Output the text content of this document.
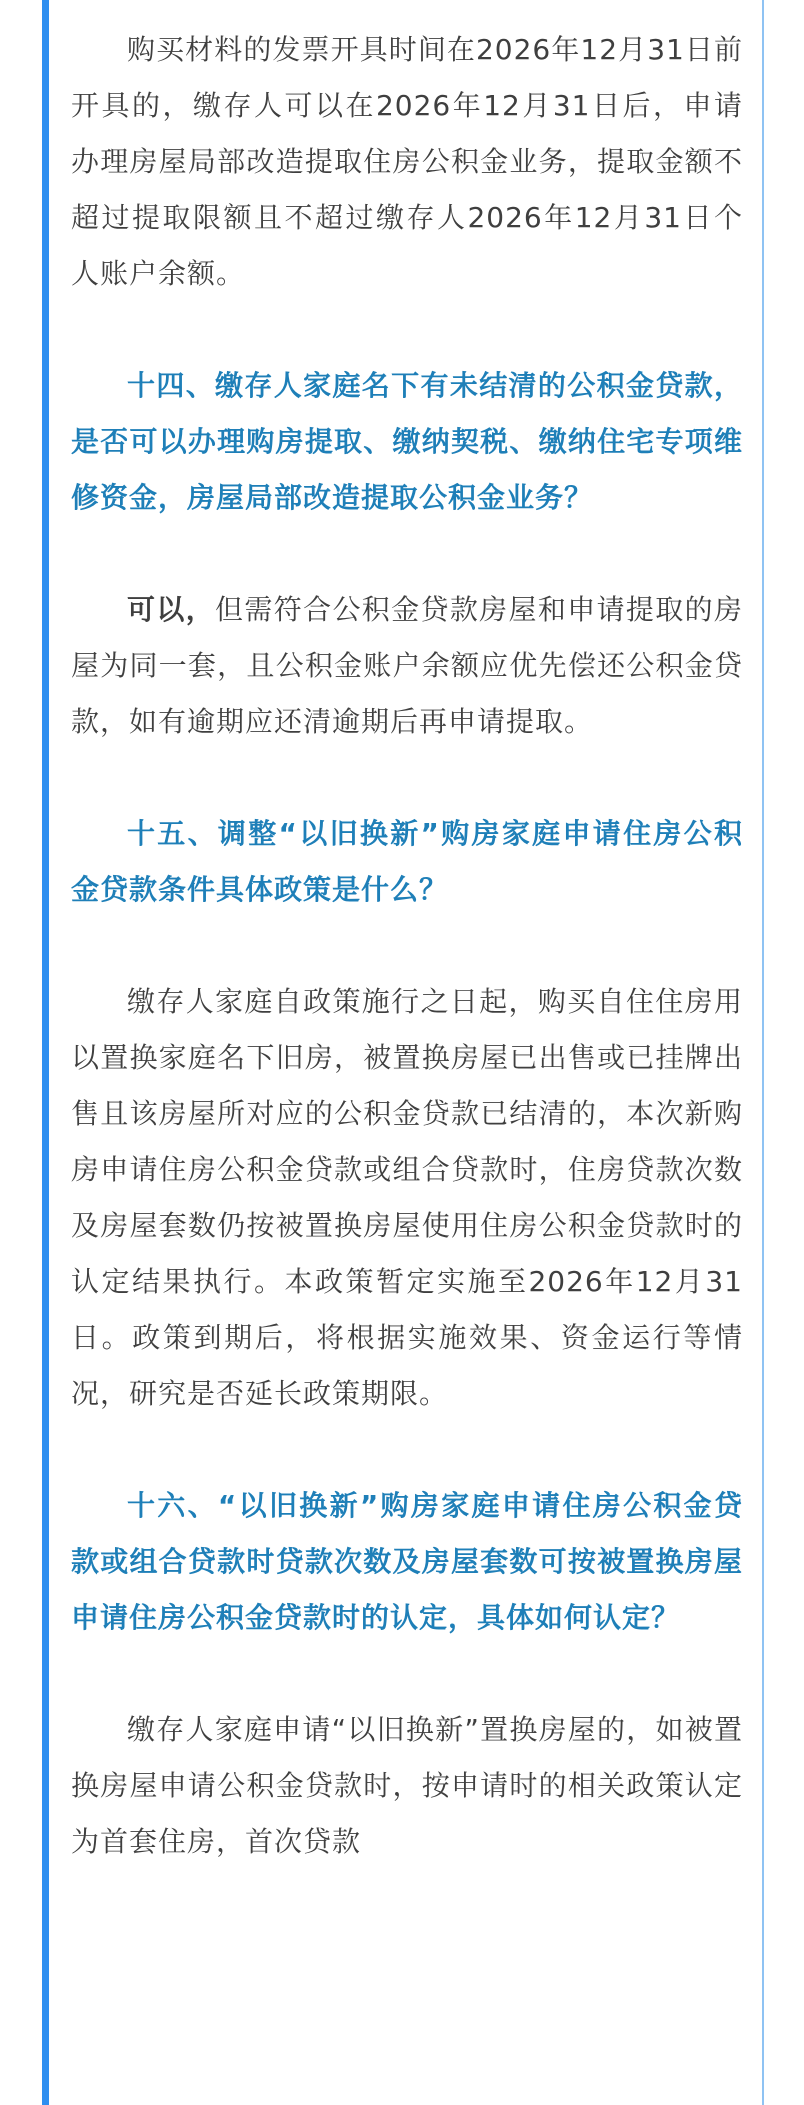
购买材料的发票开具时间在2026年12月31日前开具的，缴存人可以在2026年12月31日后，申请办理房屋局部改造提取住房公积金业务，提取金额不超过提取限额且不超过缴存人2026年12月31日个人账户余额。

十四、缴存人家庭名下有未结清的公积金贷款，是否可以办理购房提取、缴纳契税、缴纳住宅专项维修资金，房屋局部改造提取公积金业务？

可以，但需符合公积金贷款房屋和申请提取的房屋为同一套，且公积金账户余额应优先偿还公积金贷款，如有逾期应还清逾期后再申请提取。

十五、调整“以旧换新”购房家庭申请住房公积金贷款条件具体政策是什么？

缴存人家庭自政策施行之日起，购买自住住房用以置换家庭名下旧房，被置换房屋已出售或已挂牌出售且该房屋所对应的公积金贷款已结清的，本次新购房申请住房公积金贷款或组合贷款时，住房贷款次数及房屋套数仍按被置换房屋使用住房公积金贷款时的认定结果执行。本政策暂定实施至2026年12月31日。政策到期后，将根据实施效果、资金运行等情况，研究是否延长政策期限。

十六、“以旧换新”购房家庭申请住房公积金贷款或组合贷款时贷款次数及房屋套数可按被置换房屋申请住房公积金贷款时的认定，具体如何认定？

缴存人家庭申请“以旧换新”置换房屋的，如被置换房屋申请公积金贷款时，按申请时的相关政策认定为首套住房，首次贷款
